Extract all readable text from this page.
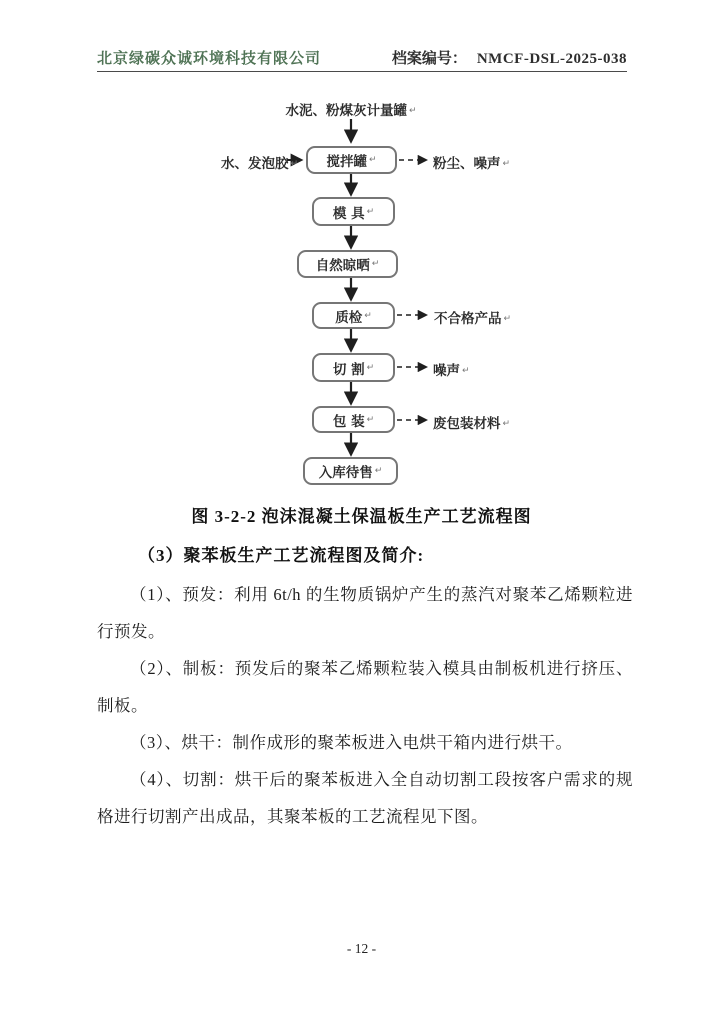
北京绿碳众诚环境科技有限公司	档案编号： NMCF-DSL-2025-038
水泥、粉煤灰计量罐 ↵
水、发泡胶 ↵	粉尘、噪声 ↵
不合格产品 ↵
噪声 ↵
废包装材料 ↵
搅拌罐 ↵
模 具 ↵
自然晾晒 ↵
质检 ↵
切 割 ↵
包 装 ↵
入库待售 ↵
图 3-2-2 泡沫混凝土保温板生产工艺流程图
（3）聚苯板生产工艺流程图及简介:

（1）、预发：利用 6t/h 的生物质锅炉产生的蒸汽对聚苯乙烯颗粒进行预发。

（2）、制板：预发后的聚苯乙烯颗粒装入模具由制板机进行挤压、制板。

（3）、烘干：制作成形的聚苯板进入电烘干箱内进行烘干。

（4）、切割：烘干后的聚苯板进入全自动切割工段按客户需求的规格进行切割产出成品，其聚苯板的工艺流程见下图。

- 12 -
